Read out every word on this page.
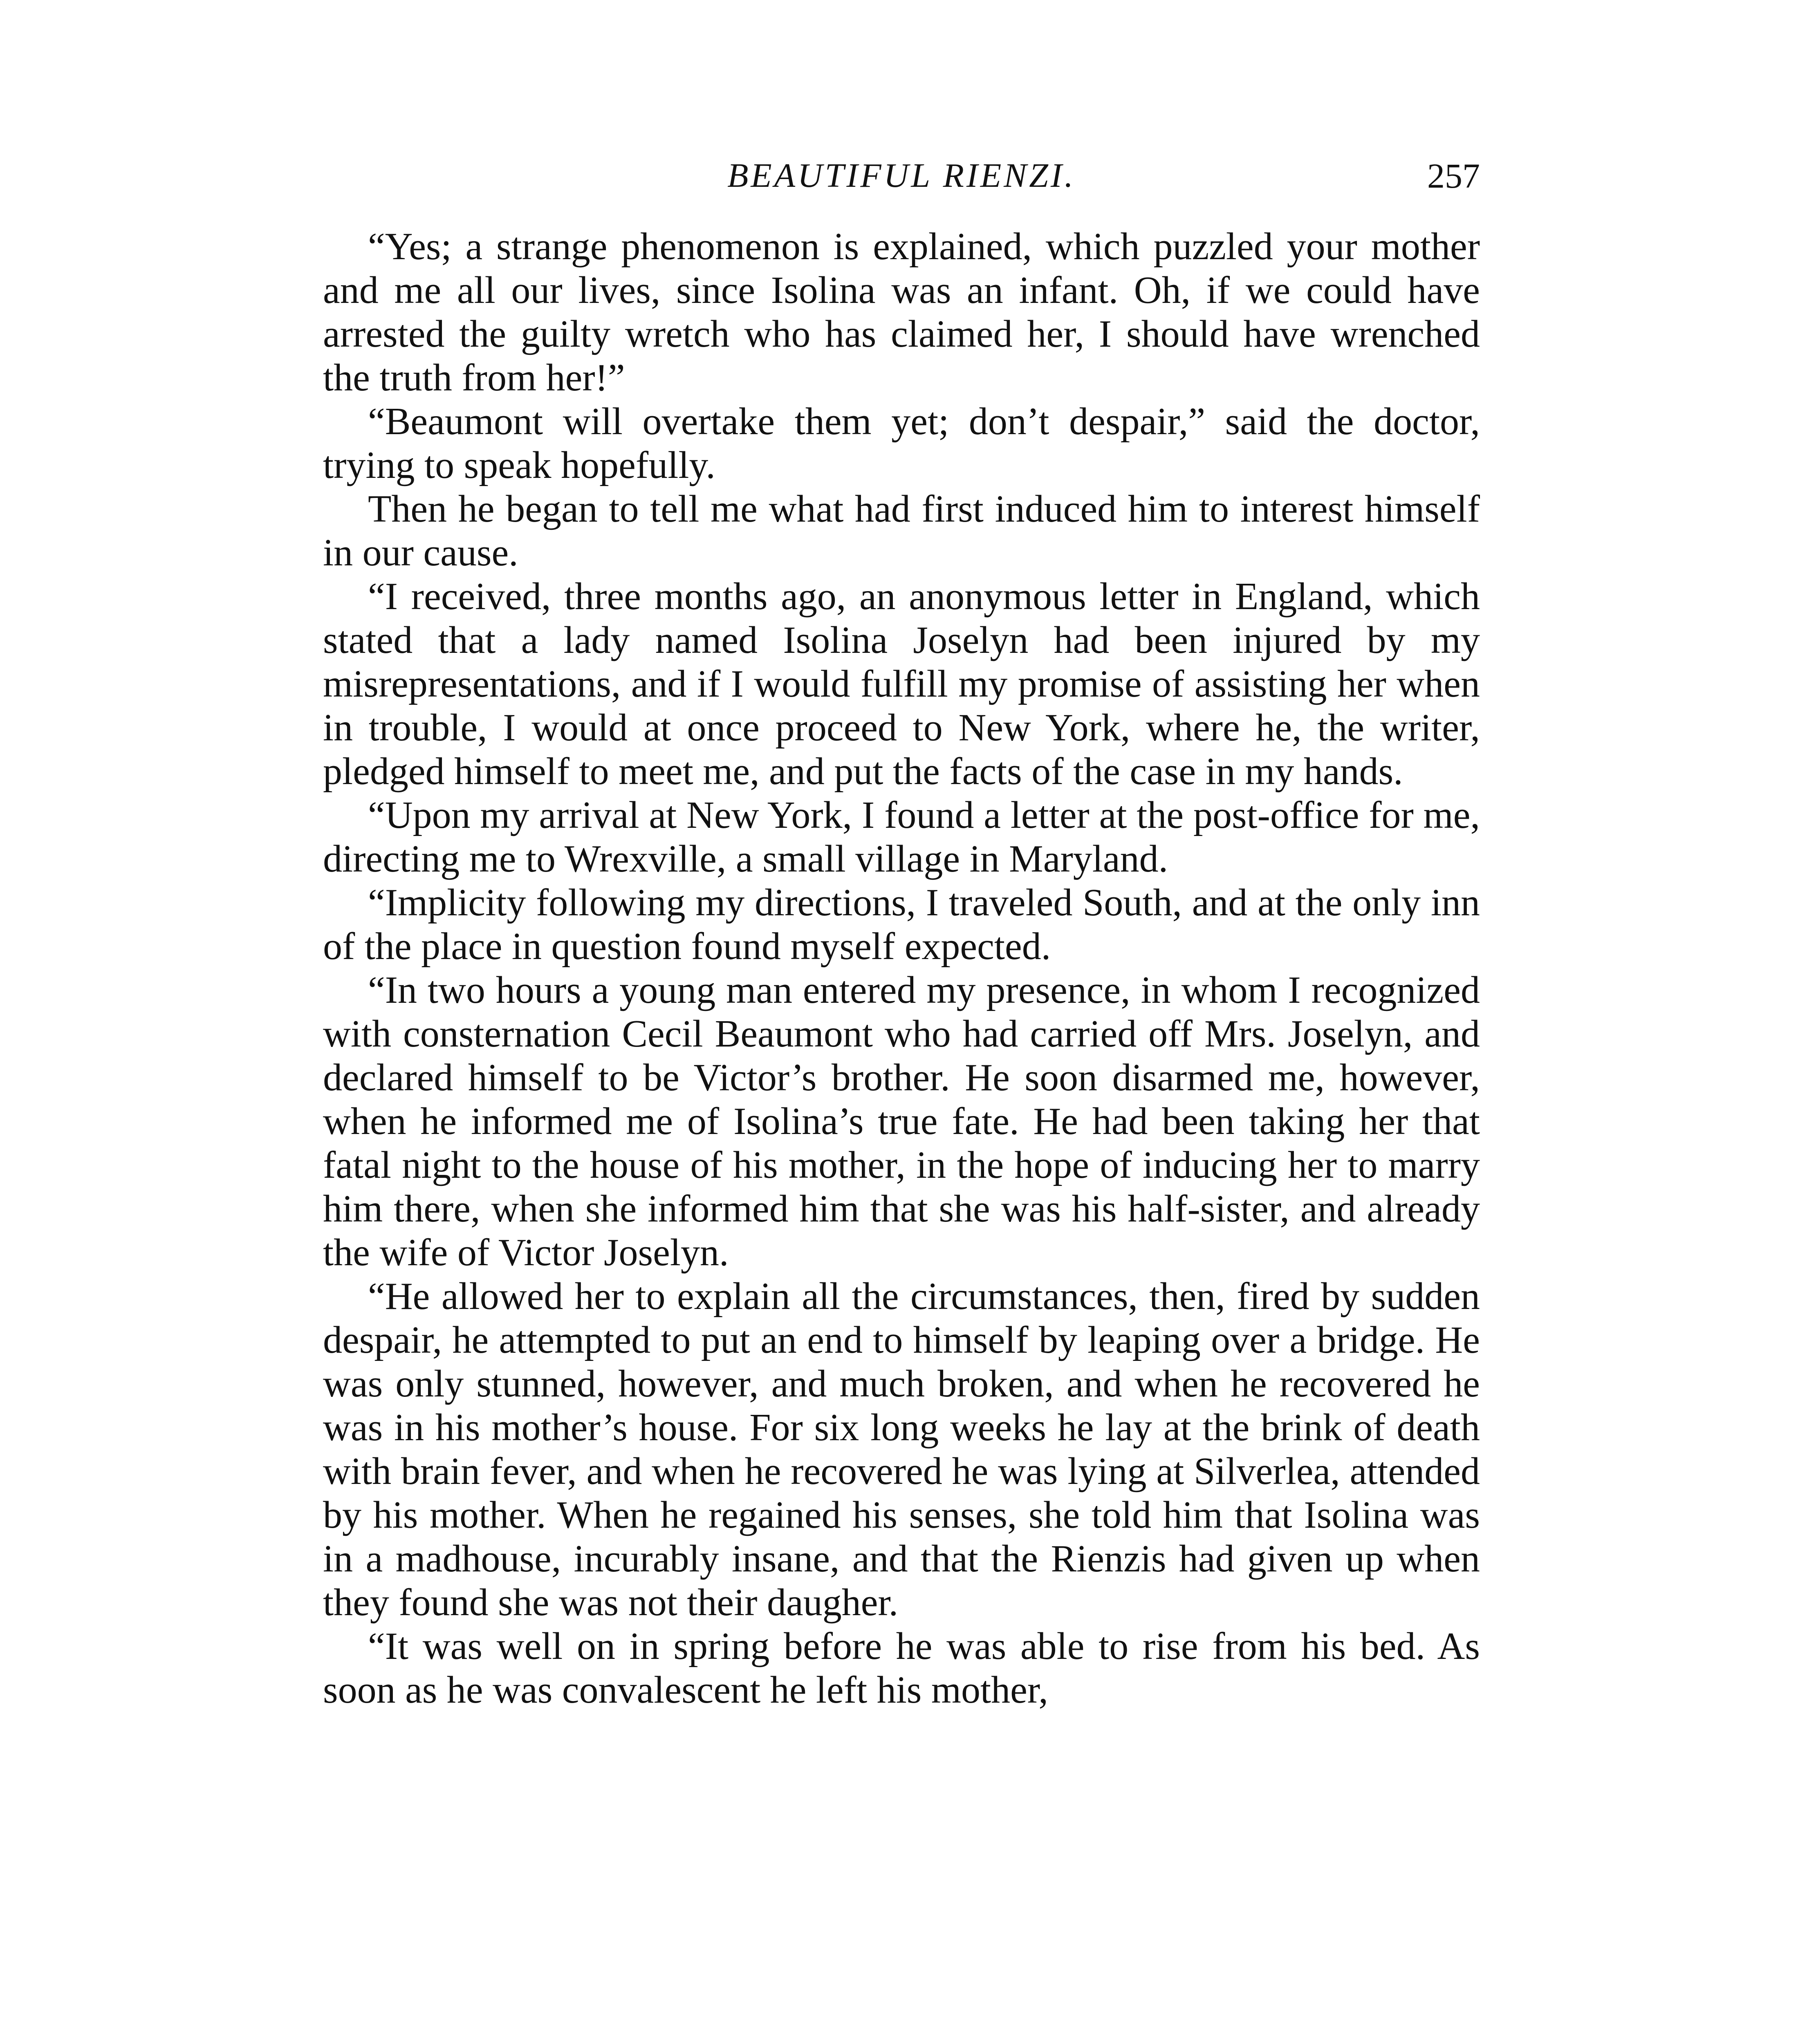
BEAUTIFUL RIENZI.	257

“Yes; a strange phenomenon is explained, which puzzled your mother and me all our lives, since Isolina was an infant. Oh, if we could have arrested the guilty wretch who has claimed her, I should have wrenched the truth from her!”

“Beaumont will overtake them yet; don’t despair,” said the doctor, trying to speak hopefully.

Then he began to tell me what had first induced him to interest himself in our cause.

“I received, three months ago, an anonymous letter in England, which stated that a lady named Isolina Joselyn had been injured by my misrepresentations, and if I would fulfill my promise of assisting her when in trouble, I would at once proceed to New York, where he, the writer, pledged himself to meet me, and put the facts of the case in my hands.

“Upon my arrival at New York, I found a letter at the post-office for me, directing me to Wrexville, a small village in Maryland.

“Implicity following my directions, I traveled South, and at the only inn of the place in question found myself expected.

“In two hours a young man entered my presence, in whom I recognized with consternation Cecil Beaumont who had carried off Mrs. Joselyn, and declared himself to be Victor’s brother. He soon disarmed me, however, when he informed me of Isolina’s true fate. He had been taking her that fatal night to the house of his mother, in the hope of inducing her to marry him there, when she informed him that she was his half-sister, and already the wife of Victor Joselyn.

“He allowed her to explain all the circumstances, then, fired by sudden despair, he attempted to put an end to himself by leaping over a bridge. He was only stunned, however, and much broken, and when he recovered he was in his mother’s house. For six long weeks he lay at the brink of death with brain fever, and when he recovered he was lying at Silverlea, attended by his mother. When he regained his senses, she told him that Isolina was in a madhouse, incurably insane, and that the Rienzis had given up when they found she was not their daugher.

“It was well on in spring before he was able to rise from his bed. As soon as he was convalescent he left his mother,
